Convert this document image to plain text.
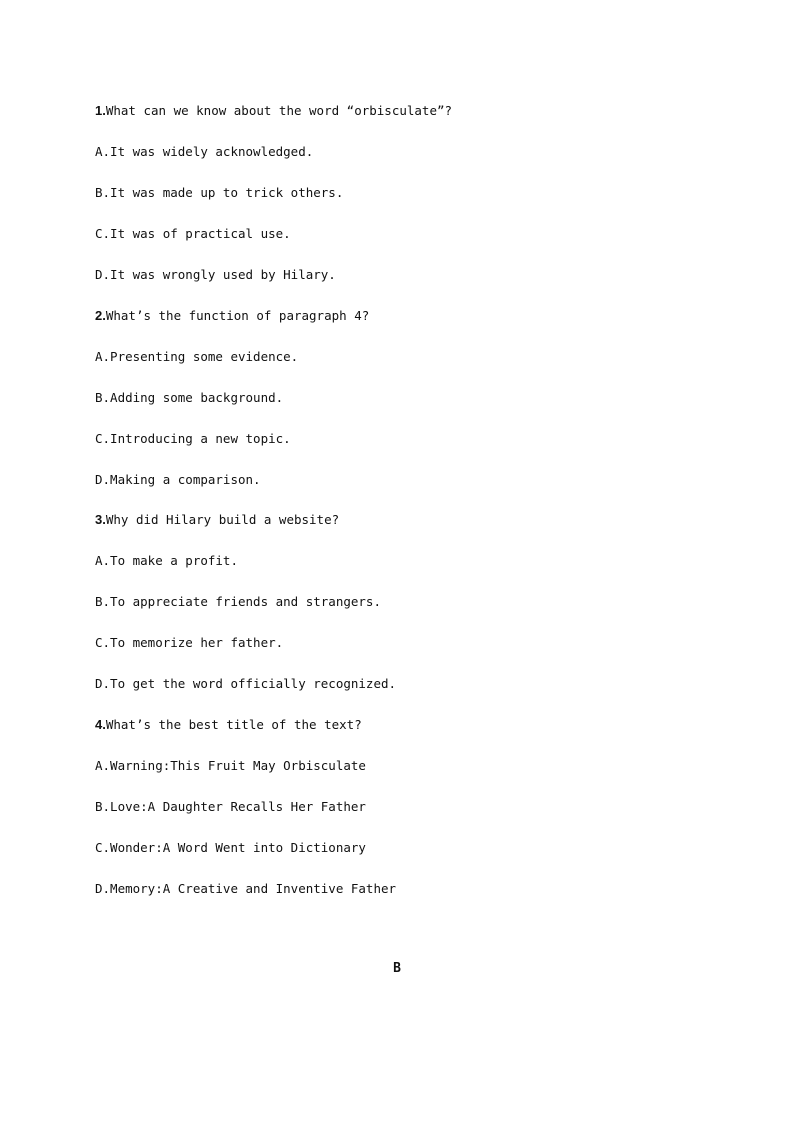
1.What can we know about the word “orbisculate”?
A.It was widely acknowledged.
B.It was made up to trick others.
C.It was of practical use.
D.It was wrongly used by Hilary.
2.What’s the function of paragraph 4?
A.Presenting some evidence.
B.Adding some background.
C.Introducing a new topic.
D.Making a comparison.
3.Why did Hilary build a website?
A.To make a profit.
B.To appreciate friends and strangers.
C.To memorize her father.
D.To get the word officially recognized.
4.What’s the best title of the text?
A.Warning:This Fruit May Orbisculate
B.Love:A Daughter Recalls Her Father
C.Wonder:A Word Went into Dictionary
D.Memory:A Creative and Inventive Father
B
